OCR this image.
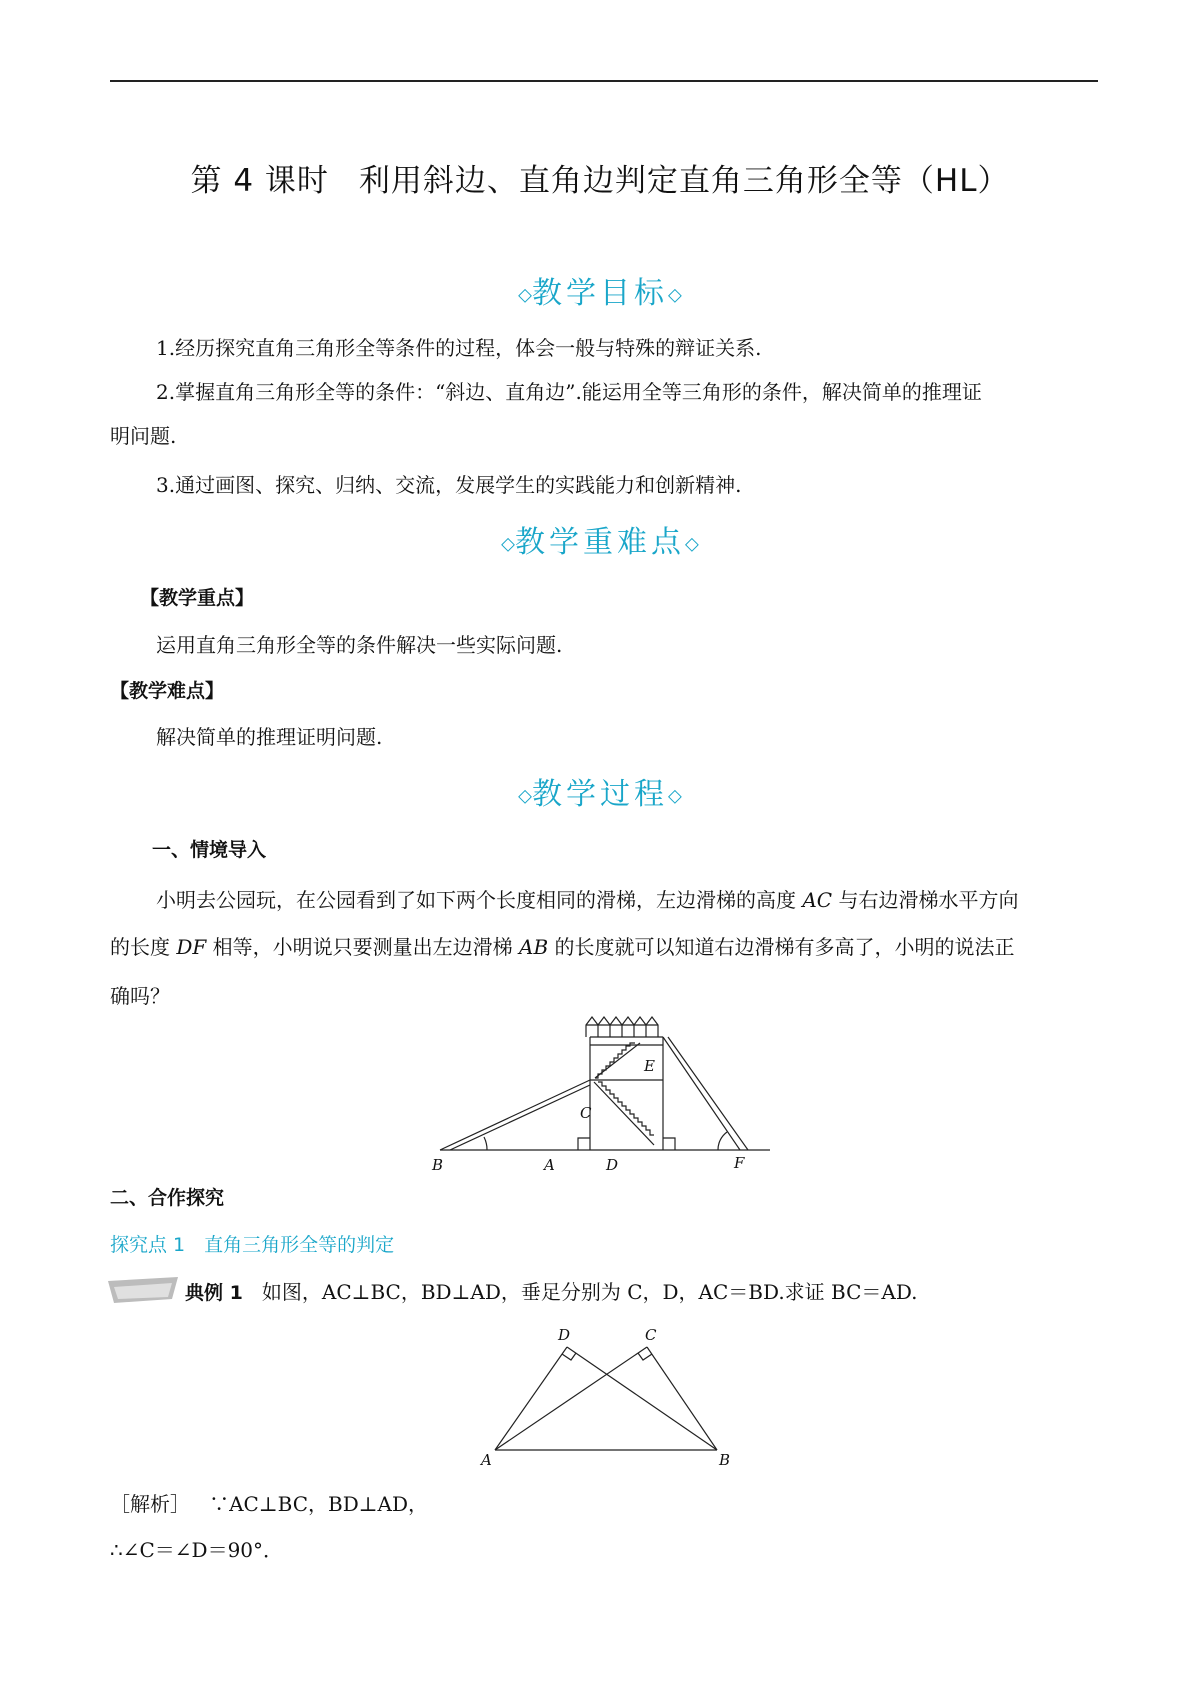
第 4 课时 利用斜边、直角边判定直角三角形全等（HL）
◇教学目标◇
1.经历探究直角三角形全等条件的过程，体会一般与特殊的辩证关系.
2.掌握直角三角形全等的条件：“斜边、直角边”.能运用全等三角形的条件，解决简单的推理证
明问题.
3.通过画图、探究、归纳、交流，发展学生的实践能力和创新精神.
◇教学重难点◇
【教学重点】
运用直角三角形全等的条件解决一些实际问题.
【教学难点】
解决简单的推理证明问题.
◇教学过程◇
一、情境导入
小明去公园玩，在公园看到了如下两个长度相同的滑梯，左边滑梯的高度 AC 与右边滑梯水平方向
的长度 DF 相等，小明说只要测量出左边滑梯 AB 的长度就可以知道右边滑梯有多高了，小明的说法正
确吗？
B	A	D	F
C
E
二、合作探究
探究点 1　直角三角形全等的判定
典例 1 如图，AC⊥BC，BD⊥AD，垂足分别为 C，D，AC＝BD.求证 BC＝AD.
A	B
D	C
［解析］ ∵AC⊥BC，BD⊥AD，
∴∠C＝∠D＝90°．
